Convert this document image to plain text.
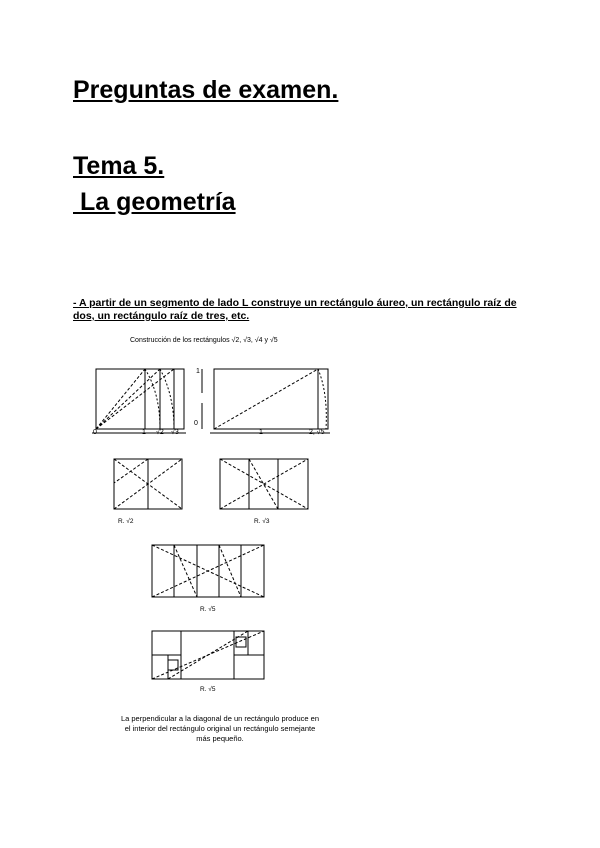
Preguntas de examen.
Tema 5.
La geometría
- A partir de un segmento de lado L construye un rectángulo áureo, un rectángulo raíz de dos, un rectángulo raíz de tres, etc.
Construcción de los rectángulos √2, √3, √4 y √5
0	1 √2 √3
1
0
1	2, √5
R. √2	R. √3
R. √5
R. √5
La perpendicular a la diagonal de un rectángulo produce en el interior del rectángulo original un rectángulo semejante más pequeño.
